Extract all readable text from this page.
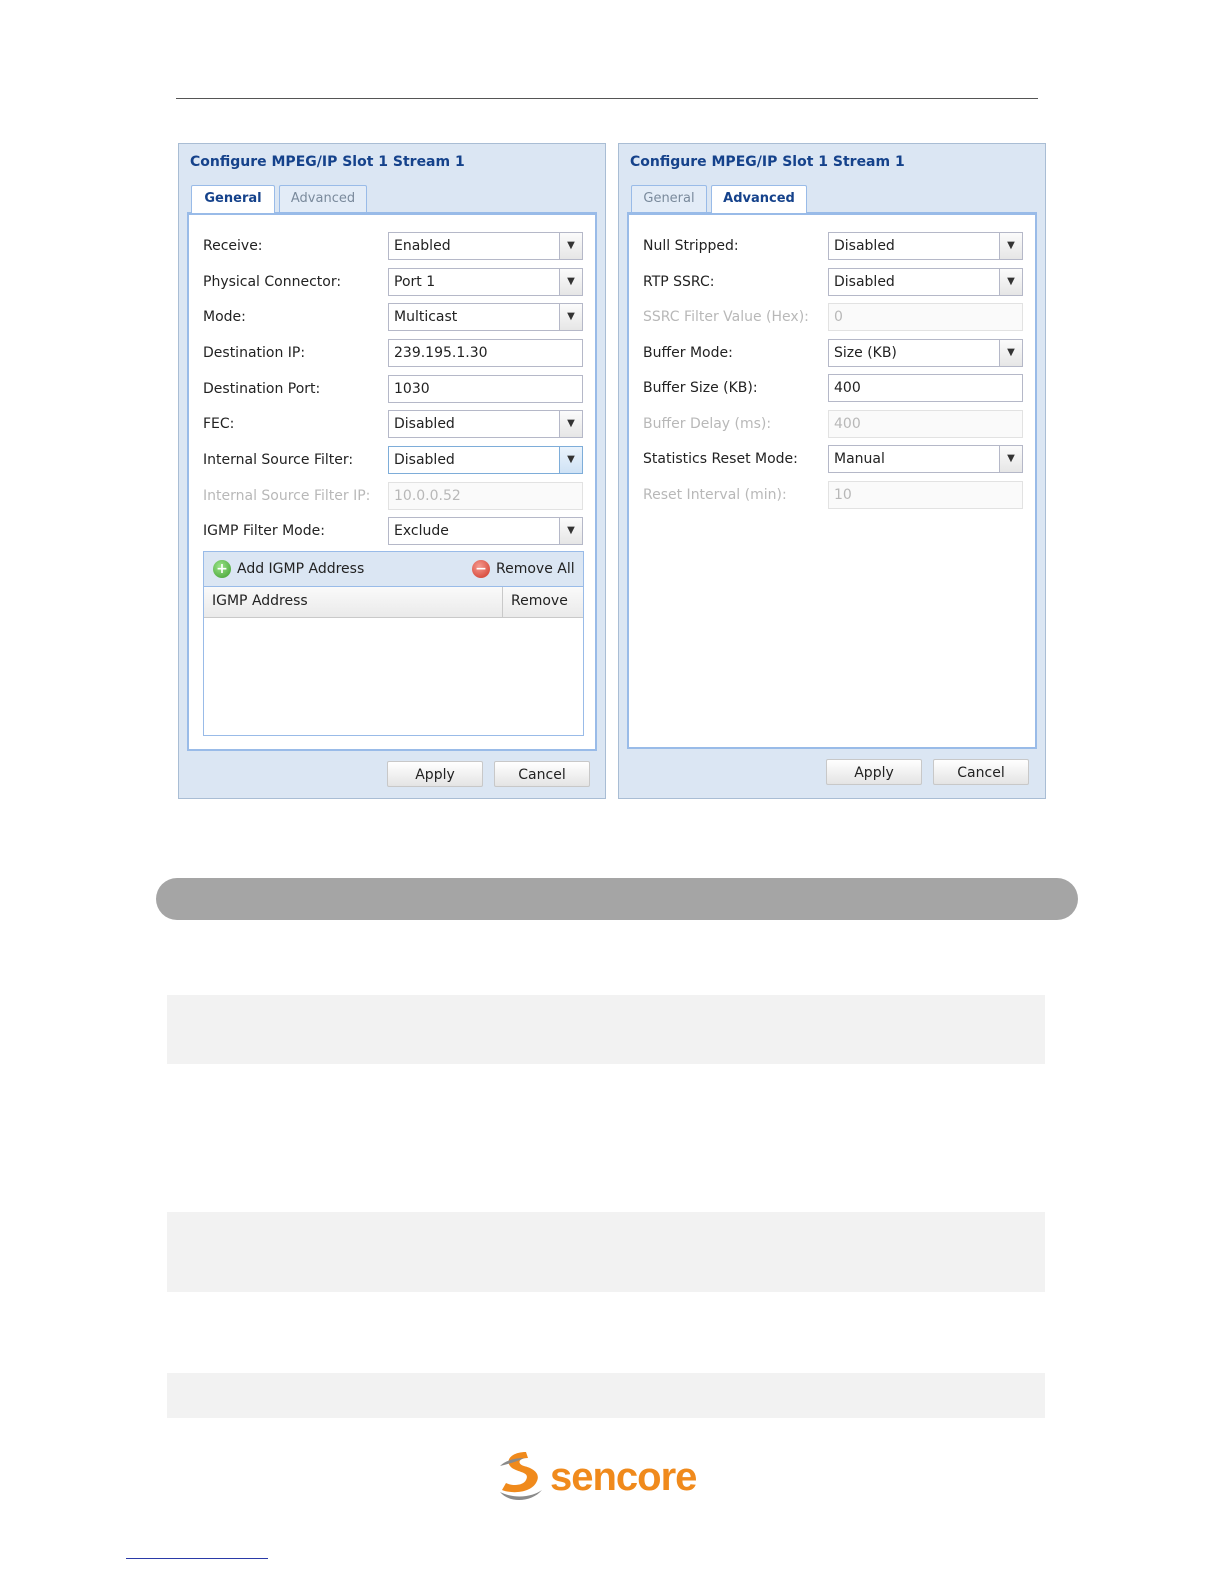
Configure MPEG/IP Slot 1 Stream 1
General	Advanced
Receive:	Enabled	▼
Physical Connector:	Port 1	▼
Mode:	Multicast	▼
Destination IP:	239.195.1.30
Destination Port:	1030
FEC:	Disabled	▼
Internal Source Filter:	Disabled	▼
Internal Source Filter IP:	10.0.0.52
IGMP Filter Mode:	Exclude	▼
+ Add IGMP Address	− Remove All
IGMP Address	Remove
Apply	Cancel
Configure MPEG/IP Slot 1 Stream 1
General	Advanced
Null Stripped:	Disabled	▼
RTP SSRC:	Disabled	▼
SSRC Filter Value (Hex):	0
Buffer Mode:	Size (KB)	▼
Buffer Size (KB):	400
Buffer Delay (ms):	400
Statistics Reset Mode:	Manual	▼
Reset Interval (min):	10
Apply	Cancel
sencore
